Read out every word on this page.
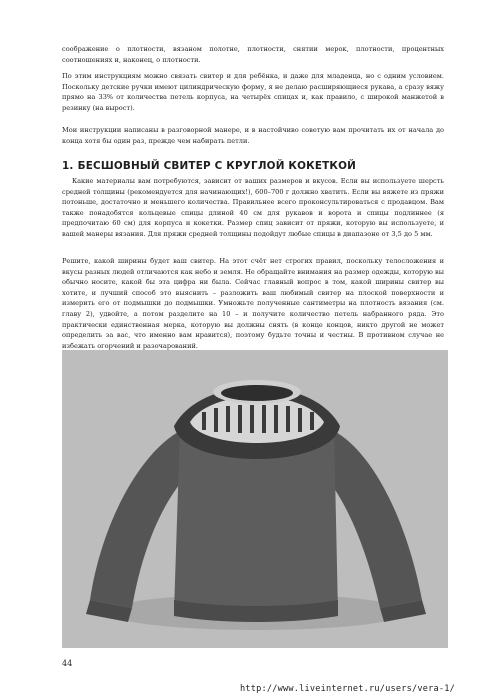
соображение о плотности, вязаном полотне, плотности, снятии мерок, плотности, процентных соотношениях и, наконец, о плотности.

По этим инструкциям можно связать свитер и для ребёнка, и даже для младенца, но с одним условием. Поскольку детские ручки имеют цилиндрическую форму, я не делаю расширяющиеся рукава, а сразу вяжу прямо на 33% от количества петель корпуса, на четырёх спицах и, как правило, с широкой манжетой в резинку (на вырост).

Мои инструкции написаны в разговорной манере, и в настойчиво советую вам прочитать их от начала до конца хотя бы один раз, прежде чем набирать петли.

1. БЕСШОВНЫЙ СВИТЕР С КРУГЛОЙ КОКЕТКОЙ

Какие материалы вам потребуются, зависит от ваших размеров и вкусов. Если вы используете шерсть средней толщины (рекомендуется для начинающих!), 600–700 г должно хватить. Если вы вяжете из пряжи потоньше, достаточно и меньшего количества. Правильнее всего проконсультироваться с продавцом. Вам также понадобятся кольцевые спицы длиной 40 см для рукавов и ворота и спицы подлиннее (я предпочитаю 60 см) для корпуса и кокетки. Размер спиц зависит от пряжи, которую вы используете, и вашей манеры вязания. Для пряжи средней толщины подойдут любые спицы в диапазоне от 3,5 до 5 мм.

Решите, какой ширины будет ваш свитер. На этот счёт нет строгих правил, поскольку телосложения и вкусы разных людей отличаются как небо и земля. Не обращайте внимания на размер одежды, которую вы обычно носите, какой бы эта цифра ни была. Сейчас главный вопрос в том, какой ширины свитер вы хотите, и лучший способ это выяснить – разложить ваш любимый свитер на плоской поверхности и измерить его от подмышки до подмышки. Умножьте полученные сантиметры на плотность вязания (см. главу 2), удвойте, а потом разделите на 10 – и получите количество петель набранного ряда. Это практически единственная мерка, которую вы должны снять (в конце концов, никто другой не может определить за вас, что именно вам нравится), поэтому будьте точны и честны. В противном случае не избежать огорчений и разочарований.

44
http://www.liveinternet.ru/users/vera-1/
